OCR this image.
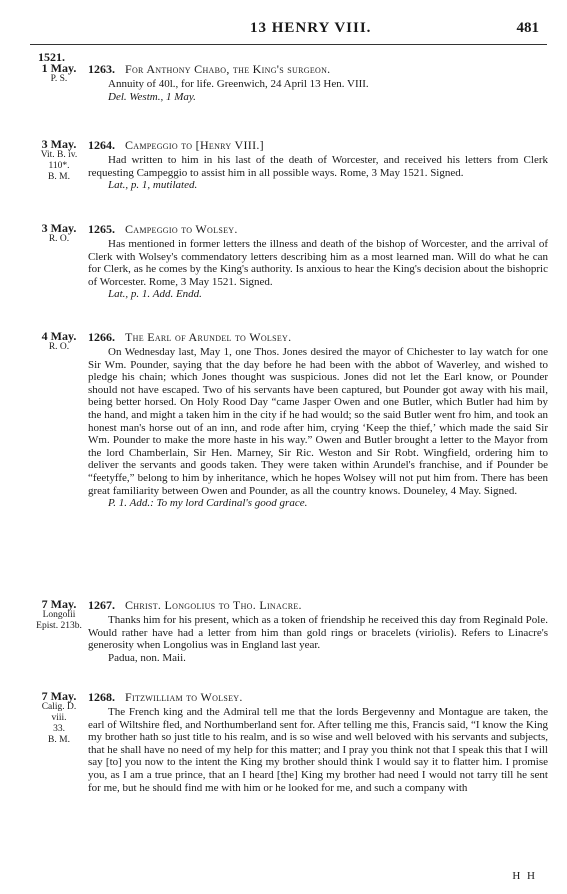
13 HENRY VIII.	481
1521.
1 May.
P. S.

1263. For Anthony Chabo, the King's surgeon.

Annuity of 40l., for life. Greenwich, 24 April 13 Hen. VIII.

Del. Westm., 1 May.

3 May.
Vit. B. iv.
110*.
B. M.

1264. Campeggio to [Henry VIII.]

Had written to him in his last of the death of Worcester, and received his letters from Clerk requesting Campeggio to assist him in all possible ways. Rome, 3 May 1521. Signed.

Lat., p. 1, mutilated.

3 May.
R. O.

1265. Campeggio to Wolsey.

Has mentioned in former letters the illness and death of the bishop of Worcester, and the arrival of Clerk with Wolsey's commendatory letters describing him as a most learned man. Will do what he can for Clerk, as he comes by the King's authority. Is anxious to hear the King's decision about the bishopric of Worcester. Rome, 3 May 1521. Signed.

Lat., p. 1. Add. Endd.

4 May.
R. O.

1266. The Earl of Arundel to Wolsey.

On Wednesday last, May 1, one Thos. Jones desired the mayor of Chichester to lay watch for one Sir Wm. Pounder, saying that the day before he had been with the abbot of Waverley, and wished to pledge his chain; which Jones thought was suspicious. Jones did not let the Earl know, or Pounder should not have escaped. Two of his servants have been captured, but Pounder got away with his mail, being better horsed. On Holy Rood Day “came Jasper Owen and one Butler, which Butler had him by the hand, and might a taken him in the city if he had would; so the said Butler went fro him, and took an honest man's horse out of an inn, and rode after him, crying ‘Keep the thief,’ which made the said Sir Wm. Pounder to make the more haste in his way.” Owen and Butler brought a letter to the Mayor from the lord Chamberlain, Sir Hen. Marney, Sir Ric. Weston and Sir Robt. Wingfield, ordering him to deliver the servants and goods taken. They were taken within Arundel's franchise, and if Pounder be “feetyffe,” belong to him by inheritance, which he hopes Wolsey will not put him from. There has been great familiarity between Owen and Pounder, as all the country knows. Douneley, 4 May. Signed.

P. 1. Add.: To my lord Cardinal's good grace.

7 May.
Longolii
Epist. 213b.

1267. Christ. Longolius to Tho. Linacre.

Thanks him for his present, which as a token of friendship he received this day from Reginald Pole. Would rather have had a letter from him than gold rings or bracelets (viriolis). Refers to Linacre's generosity when Longolius was in England last year.

Padua, non. Maii.

7 May.
Calig. D. viii.
33.
B. M.

1268. Fitzwilliam to Wolsey.

The French king and the Admiral tell me that the lords Bergevenny and Montague are taken, the earl of Wiltshire fled, and Northumberland sent for. After telling me this, Francis said, “I know the King my brother hath so just title to his realm, and is so wise and well beloved with his servants and subjects, that he shall have no need of my help for this matter; and I pray you think not that I speak this that I will say [to] you now to the intent the King my brother should think I would say it to flatter him. I promise you, as I am a true prince, that an I heard [the] King my brother had need I would not tarry till he sent for me, but he should find me with him or he looked for me, and such a company with

H H
